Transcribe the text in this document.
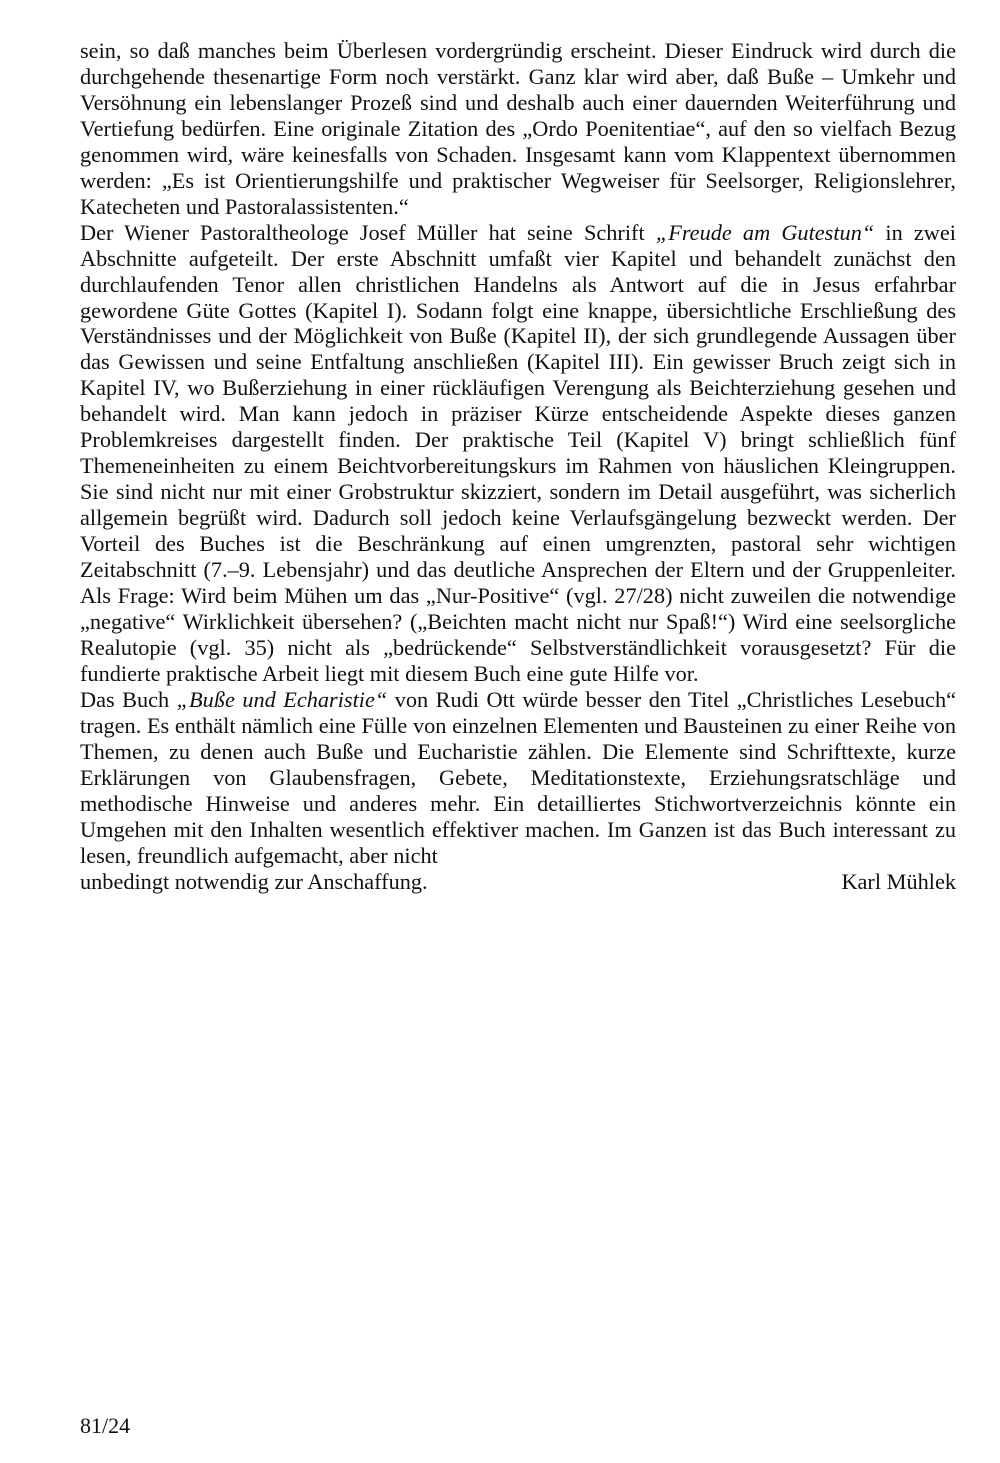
sein, so daß manches beim Überlesen vordergründig erscheint. Dieser Eindruck wird durch die durchgehende thesenartige Form noch verstärkt. Ganz klar wird aber, daß Buße – Umkehr und Versöhnung ein lebenslanger Prozeß sind und deshalb auch einer dauernden Weiterführung und Vertiefung bedürfen. Eine originale Zitation des „Ordo Poenitentiae“, auf den so vielfach Bezug genommen wird, wäre keinesfalls von Schaden. Insgesamt kann vom Klappentext übernommen werden: „Es ist Orientierungshilfe und praktischer Wegweiser für Seelsorger, Religionslehrer, Katecheten und Pastoralassistenten.“

Der Wiener Pastoraltheologe Josef Müller hat seine Schrift „Freude am Gutestun“ in zwei Abschnitte aufgeteilt. Der erste Abschnitt umfaßt vier Kapitel und behandelt zunächst den durchlaufenden Tenor allen christlichen Handelns als Antwort auf die in Jesus erfahrbar gewordene Güte Gottes (Kapitel I). Sodann folgt eine knappe, übersichtliche Erschließung des Verständnisses und der Möglichkeit von Buße (Kapitel II), der sich grundlegende Aussagen über das Gewissen und seine Entfaltung anschließen (Kapitel III). Ein gewisser Bruch zeigt sich in Kapitel IV, wo Bußerziehung in einer rückläufigen Verengung als Beichterziehung gesehen und behandelt wird. Man kann jedoch in präziser Kürze entscheidende Aspekte dieses ganzen Problemkreises dargestellt finden. Der praktische Teil (Kapitel V) bringt schließlich fünf Themeneinheiten zu einem Beichtvorbereitungskurs im Rahmen von häuslichen Kleingruppen. Sie sind nicht nur mit einer Grobstruktur skizziert, sondern im Detail ausgeführt, was sicherlich allgemein begrüßt wird. Dadurch soll jedoch keine Verlaufsgängelung bezweckt werden. Der Vorteil des Buches ist die Beschränkung auf einen umgrenzten, pastoral sehr wichtigen Zeitabschnitt (7.–9. Lebensjahr) und das deutliche Ansprechen der Eltern und der Gruppenleiter. Als Frage: Wird beim Mühen um das „Nur-Positive“ (vgl. 27/28) nicht zuweilen die notwendige „negative“ Wirklichkeit übersehen? („Beichten macht nicht nur Spaß!“) Wird eine seelsorgliche Realutopie (vgl. 35) nicht als „bedrückende“ Selbstverständlichkeit vorausgesetzt? Für die fundierte praktische Arbeit liegt mit diesem Buch eine gute Hilfe vor.

Das Buch „Buße und Echaristie“ von Rudi Ott würde besser den Titel „Christliches Lesebuch“ tragen. Es enthält nämlich eine Fülle von einzelnen Elementen und Bausteinen zu einer Reihe von Themen, zu denen auch Buße und Eucharistie zählen. Die Elemente sind Schrifttexte, kurze Erklärungen von Glaubensfragen, Gebete, Meditationstexte, Erziehungsratschläge und methodische Hinweise und anderes mehr. Ein detailliertes Stichwortverzeichnis könnte ein Umgehen mit den Inhalten wesentlich effektiver machen. Im Ganzen ist das Buch interessant zu lesen, freundlich aufgemacht, aber nicht

unbedingt notwendig zur Anschaffung.	Karl Mühlek

81/24
